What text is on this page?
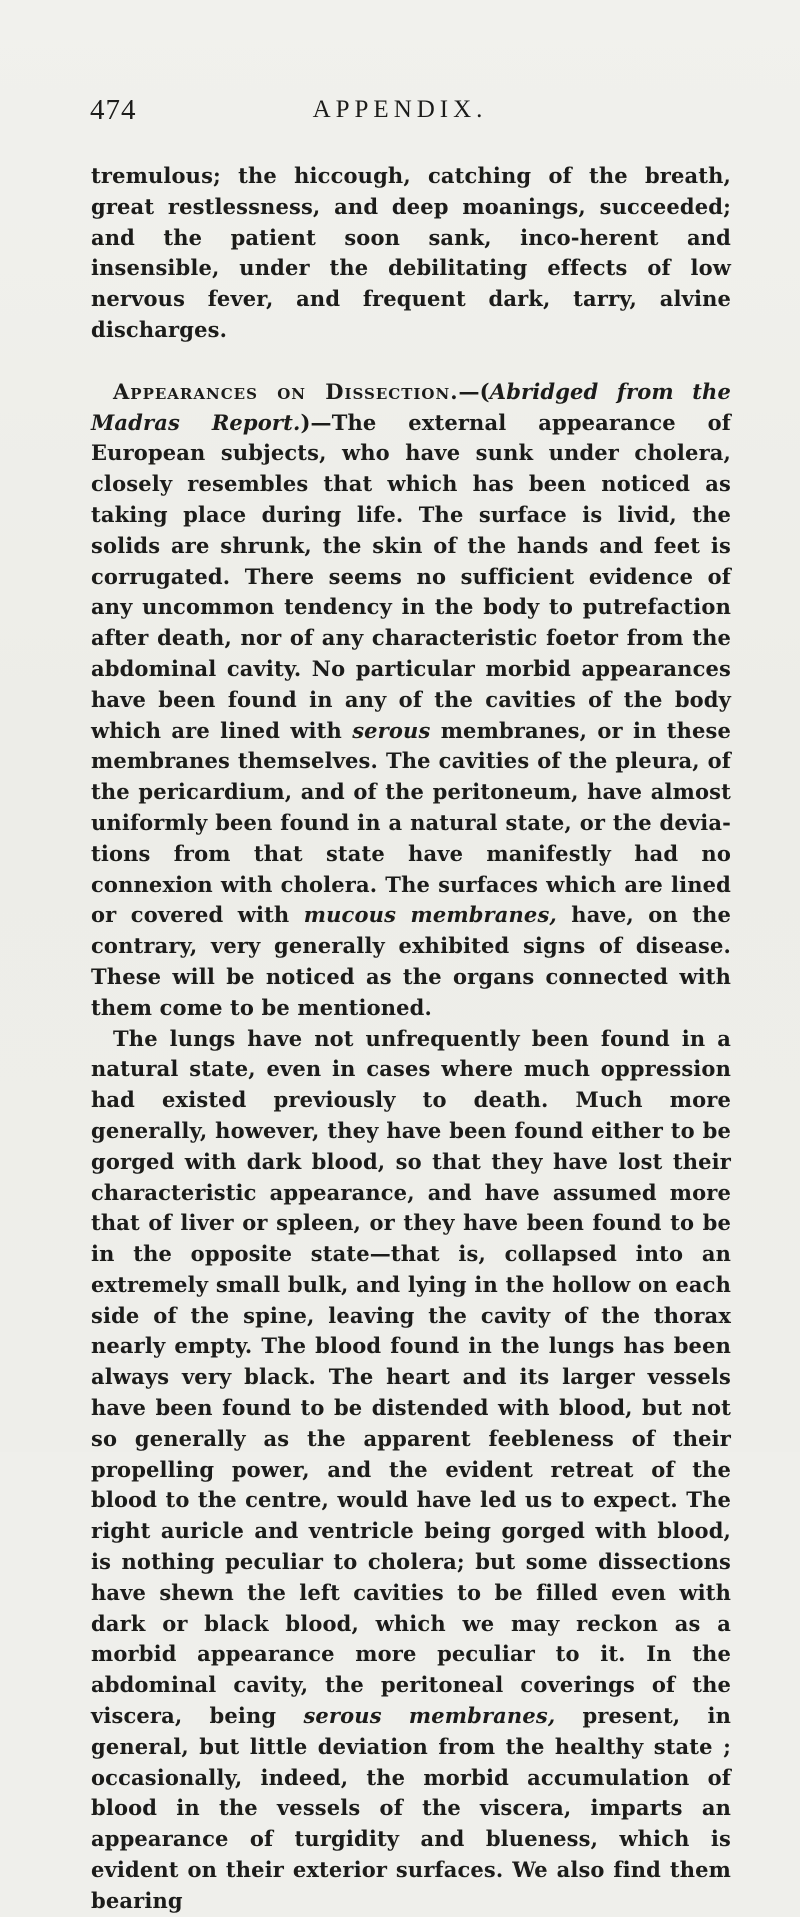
474	APPENDIX.

tremulous; the hiccough, catching of the breath, great restlessness, and deep moanings, succeeded; and the patient soon sank, inco-herent and insensible, under the debilitating effects of low nervous fever, and frequent dark, tarry, alvine discharges.

Appearances on Dissection.—(Abridged from the Madras Report.)—The external appearance of European subjects, who have sunk under cholera, closely resembles that which has been noticed as taking place during life. The surface is livid, the solids are shrunk, the skin of the hands and feet is corrugated. There seems no sufficient evidence of any uncommon tendency in the body to putrefaction after death, nor of any characteristic foetor from the abdominal cavity. No particular morbid appearances have been found in any of the cavities of the body which are lined with serous membranes, or in these membranes themselves. The cavities of the pleura, of the pericardium, and of the peritoneum, have almost uniformly been found in a natural state, or the devia-tions from that state have manifestly had no connexion with cholera. The surfaces which are lined or covered with mucous membranes, have, on the contrary, very generally exhibited signs of disease. These will be noticed as the organs connected with them come to be mentioned.

The lungs have not unfrequently been found in a natural state, even in cases where much oppression had existed previously to death. Much more generally, however, they have been found either to be gorged with dark blood, so that they have lost their characteristic appearance, and have assumed more that of liver or spleen, or they have been found to be in the opposite state—that is, collapsed into an extremely small bulk, and lying in the hollow on each side of the spine, leaving the cavity of the thorax nearly empty. The blood found in the lungs has been always very black. The heart and its larger vessels have been found to be distended with blood, but not so generally as the apparent feebleness of their propelling power, and the evident retreat of the blood to the centre, would have led us to expect. The right auricle and ventricle being gorged with blood, is nothing peculiar to cholera; but some dissections have shewn the left cavities to be filled even with dark or black blood, which we may reckon as a morbid appearance more peculiar to it. In the abdominal cavity, the peritoneal coverings of the viscera, being serous membranes, present, in general, but little deviation from the healthy state ; occasionally, indeed, the morbid accumulation of blood in the vessels of the viscera, imparts an appearance of turgidity and blueness, which is evident on their exterior surfaces. We also find them bearing
